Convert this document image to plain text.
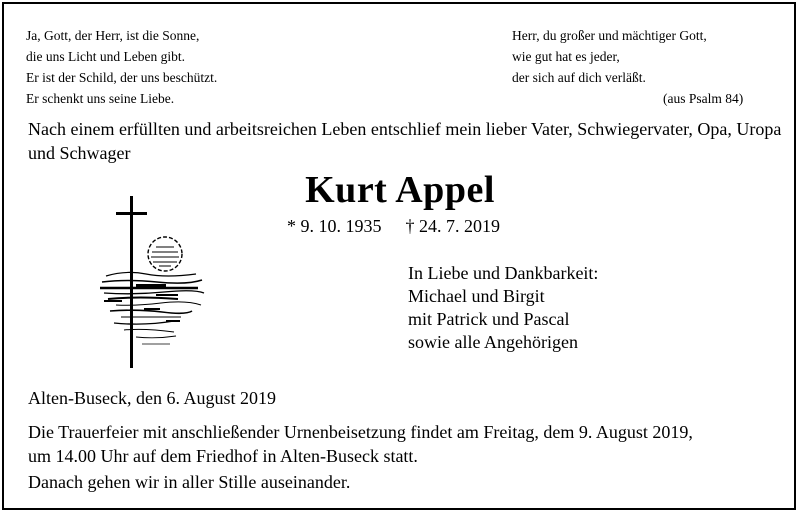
Ja, Gott, der Herr, ist die Sonne,
die uns Licht und Leben gibt.
Er ist der Schild, der uns beschützt.
Er schenkt uns seine Liebe.
Herr, du großer und mächtiger Gott,
wie gut hat es jeder,
der sich auf dich verläßt.
(aus Psalm 84)
Nach einem erfüllten und arbeitsreichen Leben entschlief mein lieber Vater, Schwiegervater, Opa, Uropa und Schwager
Kurt Appel
* 9. 10. 1935 † 24. 7. 2019
In Liebe und Dankbarkeit:
Michael und Birgit
mit Patrick und Pascal
sowie alle Angehörigen
Alten-Buseck, den 6. August 2019
Die Trauerfeier mit anschließender Urnenbeisetzung findet am Freitag, dem 9. August 2019,
um 14.00 Uhr auf dem Friedhof in Alten-Buseck statt.
Danach gehen wir in aller Stille auseinander.
